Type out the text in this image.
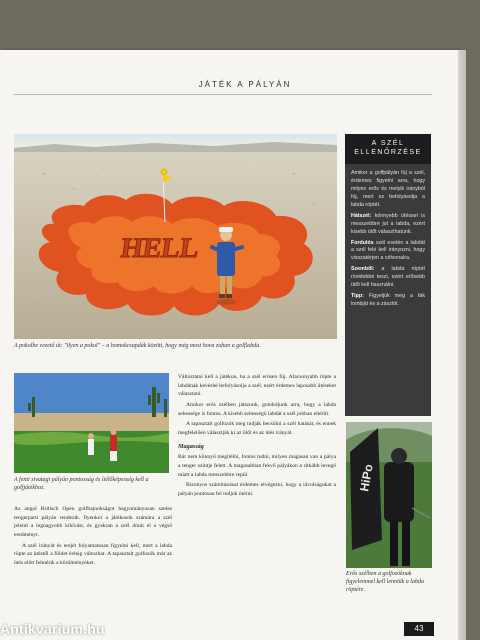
JÁTÉK A PÁLYÁN
HELL
A pokolbe vezető út: "ilyen a pokol" – a homokcsapdák között, hogy még most hova zuhan a golflabda.
A SZÉL
ELLENŐRZÉSE
Amikor a golfpályán fúj a szél, érdemes figyelni arra, hogy milyen erős és melyik irányból fúj, mert ez befolyásolja a labda röptét.
Hátszél: könnyebb ütéssel is messzebbre jut a labda, ezért kisebb ütőt választhatunk.
Fordulós szél esetén a labdát a szél felé kell irányozni, hogy visszatérjen a célvonalra.
Szemből: a labda röptét rövidebbé teszi, ezért erősebb ütőt kell használni.
Tipp: Figyeljük meg a fák lombját és a zászlót.
A fenti sivatagi pályán pontosság és ítélőképesség kell a golfjátékhoz.

Az angol Britisch Open golfbajnokságot hagyományosan szeles tengerparti pályán rendezik. Ilyenkor a játékosok számára a szél jelenti a legnagyobb kihívást, és gyakran a szél dönti el a végső eredményt.

A szél irányát és erejét folyamatosan figyelni kell, mert a labda röpte az ütéstől a földet érésig változhat. A tapasztalt golfozók már az ütés előtt felmérik a körülményeket.

Változtatni kell a játékon, ha a szél erősen fúj. Alacsonyabb röpte a labdának kevésbé befolyásolja a szél, ezért érdemes laposabb ütéseket választani.

Amikor erős szélben játszunk, gondoljunk arra, hogy a labda sebessége is fontos. A kisebb sebességű labdát a szél jobban eltéríti.

A tapasztalt golfozók meg tudják becsülni a szél hatását, és ennek megfelelően választják ki az ütőt és az ütés irányát.

Magasság

Bár nem könnyű megítélni, fontos tudni, milyen magasan van a pálya a tenger szintje felett. A magasabban fekvő pályákon a ritkább levegő miatt a labda messzebbre repül.

Bizonyos számításokat érdemes elvégezni, hogy a távolságokat a pályán pontosan fel tudjuk mérni.

HiPo
Erős szélben a golfozóknak figyelemmel kell lenniük a labda röptére.
43
Antikvarium.hu
